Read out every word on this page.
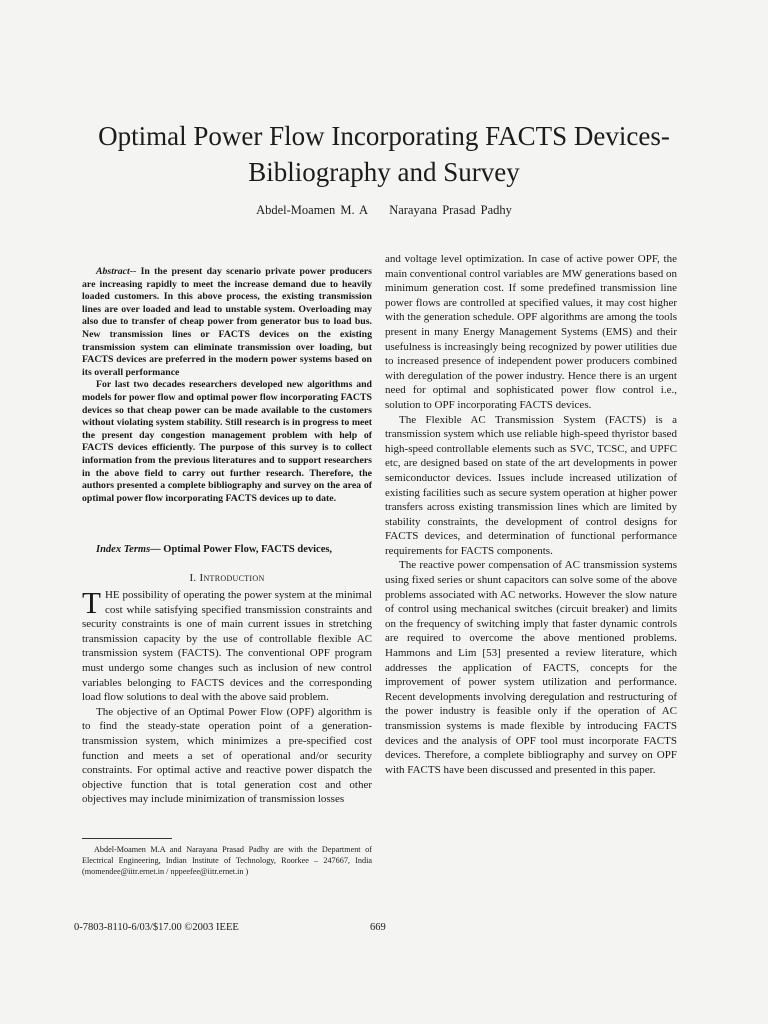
Optimal Power Flow Incorporating FACTS Devices- Bibliography and Survey
Abdel-Moamen M. A Narayana Prasad Padhy

Abstract-- In the present day scenario private power producers are increasing rapidly to meet the increase demand due to heavily loaded customers. In this above process, the existing transmission lines are over loaded and lead to unstable system. Overloading may also due to transfer of cheap power from generator bus to load bus. New transmission lines or FACTS devices on the existing transmission system can eliminate transmission over loading, but FACTS devices are preferred in the modern power systems based on its overall performance

For last two decades researchers developed new algorithms and models for power flow and optimal power flow incorporating FACTS devices so that cheap power can be made available to the customers without violating system stability. Still research is in progress to meet the present day congestion management problem with help of FACTS devices efficiently. The purpose of this survey is to collect information from the previous literatures and to support researchers in the above field to carry out further research. Therefore, the authors presented a complete bibliography and survey on the area of optimal power flow incorporating FACTS devices up to date.

Index Terms— Optimal Power Flow, FACTS devices,
I. Introduction

THE possibility of operating the power system at the minimal cost while satisfying specified transmission constraints and security constraints is one of main current issues in stretching transmission capacity by the use of controllable flexible AC transmission system (FACTS). The conventional OPF program must undergo some changes such as inclusion of new control variables belonging to FACTS devices and the corresponding load flow solutions to deal with the above said problem.

The objective of an Optimal Power Flow (OPF) algorithm is to find the steady-state operation point of a generation-transmission system, which minimizes a pre-specified cost function and meets a set of operational and/or security constraints. For optimal active and reactive power dispatch the objective function that is total generation cost and other objectives may include minimization of transmission losses

Abdel-Moamen M.A and Narayana Prasad Padhy are with the Department of Electrical Engineering, Indian Institute of Technology, Roorkee – 247667, India (momendee@iitr.ernet.in / nppeefee@iitr.ernet.in )

and voltage level optimization. In case of active power OPF, the main conventional control variables are MW generations based on minimum generation cost. If some predefined transmission line power flows are controlled at specified values, it may cost higher with the generation schedule. OPF algorithms are among the tools present in many Energy Management Systems (EMS) and their usefulness is increasingly being recognized by power utilities due to increased presence of independent power producers combined with deregulation of the power industry. Hence there is an urgent need for optimal and sophisticated power flow control i.e., solution to OPF incorporating FACTS devices.

The Flexible AC Transmission System (FACTS) is a transmission system which use reliable high-speed thyristor based high-speed controllable elements such as SVC, TCSC, and UPFC etc, are designed based on state of the art developments in power semiconductor devices. Issues include increased utilization of existing facilities such as secure system operation at higher power transfers across existing transmission lines which are limited by stability constraints, the development of control designs for FACTS devices, and determination of functional performance requirements for FACTS components.

The reactive power compensation of AC transmission systems using fixed series or shunt capacitors can solve some of the above problems associated with AC networks. However the slow nature of control using mechanical switches (circuit breaker) and limits on the frequency of switching imply that faster dynamic controls are required to overcome the above mentioned problems. Hammons and Lim [53] presented a review literature, which addresses the application of FACTS, concepts for the improvement of power system utilization and performance. Recent developments involving deregulation and restructuring of the power industry is feasible only if the operation of AC transmission systems is made flexible by introducing FACTS devices and the analysis of OPF tool must incorporate FACTS devices. Therefore, a complete bibliography and survey on OPF with FACTS have been discussed and presented in this paper.

0-7803-8110-6/03/$17.00 ©2003 IEEE	669
